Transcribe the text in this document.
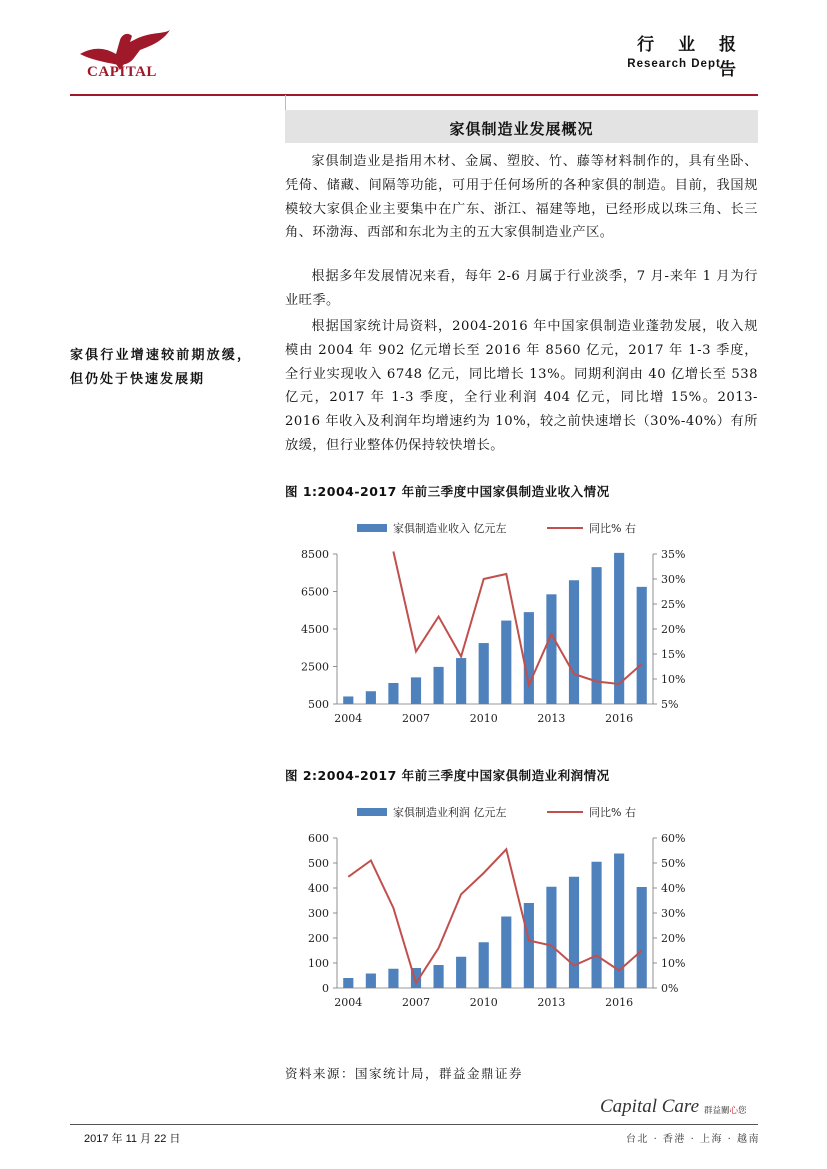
CAPITAL
行 业 报 告
Research Dept.
家俱制造业发展概况

家俱制造业是指用木材、金属、塑胶、竹、藤等材料制作的，具有坐卧、凭倚、储藏、间隔等功能，可用于任何场所的各种家俱的制造。目前，我国规模较大家俱企业主要集中在广东、浙江、福建等地，已经形成以珠三角、长三角、环渤海、西部和东北为主的五大家俱制造业产区。

根据多年发展情况来看，每年 2-6 月属于行业淡季，7 月-来年 1 月为行业旺季。

根据国家统计局资料，2004-2016 年中国家俱制造业蓬勃发展，收入规模由 2004 年 902 亿元增长至 2016 年 8560 亿元，2017 年 1-3 季度，全行业实现收入 6748 亿元，同比增长 13%。同期利润由 40 亿增长至 538 亿元，2017 年 1-3 季度，全行业利润 404 亿元，同比增 15%。2013-2016 年收入及利润年均增速约为 10%，较之前快速增长（30%-40%）有所放缓，但行业整体仍保持较快增长。

家俱行业增速较前期放缓，但仍处于快速发展期
图 1:2004-2017 年前三季度中国家俱制造业收入情况
家俱制造业收入 亿元左	同比% 右
8500
6500
4500
2500
500
35%
30%
25%
20%
15%
10%
5%
2004	2007	2010	2013	2016
图 2:2004-2017 年前三季度中国家俱制造业利润情况
家俱制造业利润 亿元左	同比% 右
600
500
400
300
200
100
0
60%
50%
40%
30%
20%
10%
0%
2004	2007	2010	2013	2016
资料来源：国家统计局，群益金鼎证券
Capital Care 群益關心您
2017 年 11 月 22 日	台北 · 香港 · 上海 · 越南
